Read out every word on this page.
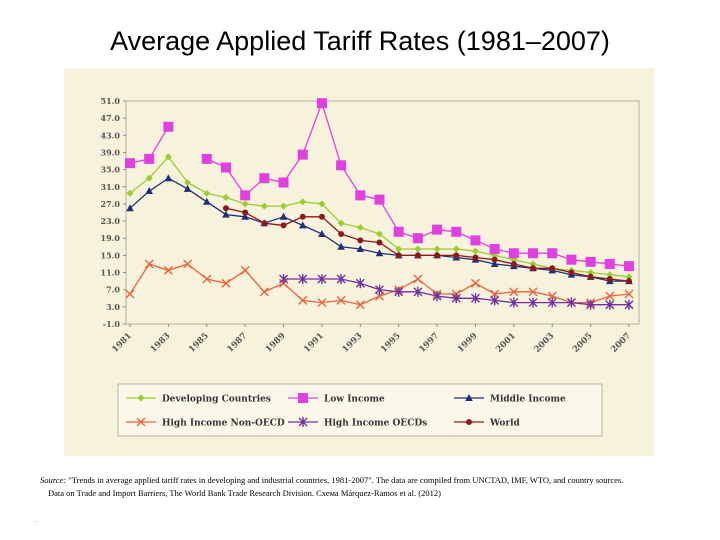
Average Applied Tariff Rates (1981–2007)
51.0
47.0
43.0
39.0
35.0
31.0
27.0
23.0
19.0
15.0
11.0
7.0
3.0
-1.0
1981 1983 1985 1987 1989 1991 1993 1995 1997 1999 2001 2003 2005 2007
Developing Countries	Low Income	Middle Income
High Income Non-OECD	High Income OECDs	World
Source: "Trends in average applied tariff rates in developing and industrial countries, 1981-2007". The data are compiled from UNCTAD, IMF, WTO, and country sources.
Data on Trade and Import Barriers, The World Bank Trade Research Division. Схема Márquez-Ramos et al. (2012)
.
